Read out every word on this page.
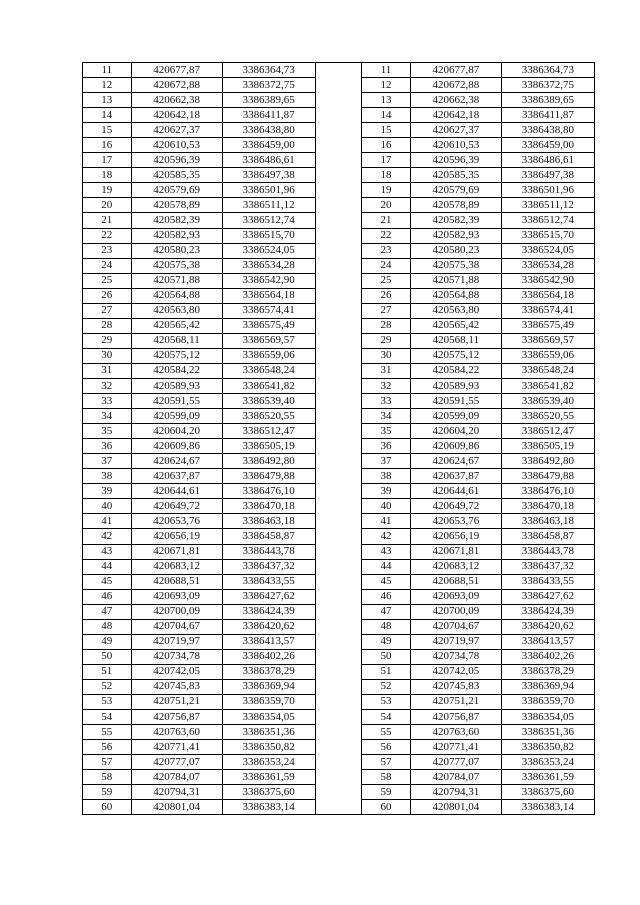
11	420677,87	3386364,73		11	420677,87	3386364,73
12	420672,88	3386372,75		12	420672,88	3386372,75
13	420662,38	3386389,65		13	420662,38	3386389,65
14	420642,18	3386411,87		14	420642,18	3386411,87
15	420627,37	3386438,80		15	420627,37	3386438,80
16	420610,53	3386459,00		16	420610,53	3386459,00
17	420596,39	3386486,61		17	420596,39	3386486,61
18	420585,35	3386497,38		18	420585,35	3386497,38
19	420579,69	3386501,96		19	420579,69	3386501,96
20	420578,89	3386511,12		20	420578,89	3386511,12
21	420582,39	3386512,74		21	420582,39	3386512,74
22	420582,93	3386515,70		22	420582,93	3386515,70
23	420580,23	3386524,05		23	420580,23	3386524,05
24	420575,38	3386534,28		24	420575,38	3386534,28
25	420571,88	3386542,90		25	420571,88	3386542,90
26	420564,88	3386564,18		26	420564,88	3386564,18
27	420563,80	3386574,41		27	420563,80	3386574,41
28	420565,42	3386575,49		28	420565,42	3386575,49
29	420568,11	3386569,57		29	420568,11	3386569,57
30	420575,12	3386559,06		30	420575,12	3386559,06
31	420584,22	3386548,24		31	420584,22	3386548,24
32	420589,93	3386541,82		32	420589,93	3386541,82
33	420591,55	3386539,40		33	420591,55	3386539,40
34	420599,09	3386520,55		34	420599,09	3386520,55
35	420604,20	3386512,47		35	420604,20	3386512,47
36	420609,86	3386505,19		36	420609,86	3386505,19
37	420624,67	3386492,80		37	420624,67	3386492,80
38	420637,87	3386479,88		38	420637,87	3386479,88
39	420644,61	3386476,10		39	420644,61	3386476,10
40	420649,72	3386470,18		40	420649,72	3386470,18
41	420653,76	3386463,18		41	420653,76	3386463,18
42	420656,19	3386458,87		42	420656,19	3386458,87
43	420671,81	3386443,78		43	420671,81	3386443,78
44	420683,12	3386437,32		44	420683,12	3386437,32
45	420688,51	3386433,55		45	420688,51	3386433,55
46	420693,09	3386427,62		46	420693,09	3386427,62
47	420700,09	3386424,39		47	420700,09	3386424,39
48	420704,67	3386420,62		48	420704,67	3386420,62
49	420719,97	3386413,57		49	420719,97	3386413,57
50	420734,78	3386402,26		50	420734,78	3386402,26
51	420742,05	3386378,29		51	420742,05	3386378,29
52	420745,83	3386369,94		52	420745,83	3386369,94
53	420751,21	3386359,70		53	420751,21	3386359,70
54	420756,87	3386354,05		54	420756,87	3386354,05
55	420763,60	3386351,36		55	420763,60	3386351,36
56	420771,41	3386350,82		56	420771,41	3386350,82
57	420777,07	3386353,24		57	420777,07	3386353,24
58	420784,07	3386361,59		58	420784,07	3386361,59
59	420794,31	3386375,60		59	420794,31	3386375,60
60	420801,04	3386383,14		60	420801,04	3386383,14
